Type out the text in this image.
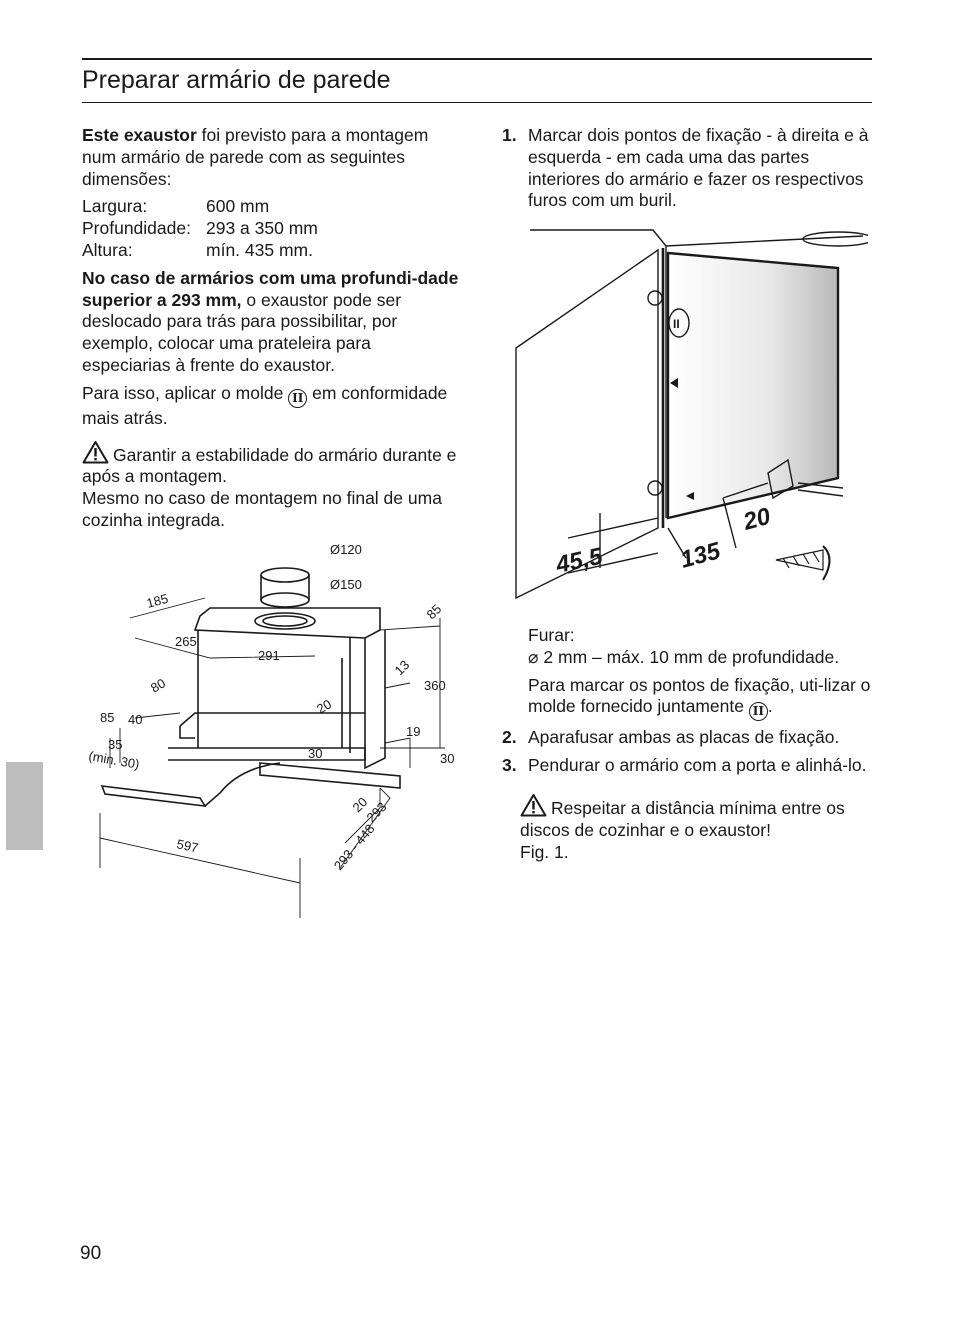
Preparar armário de parede

Este exaustor foi previsto para a montagem num armário de parede com as seguintes dimensões:

Largura:	600 mm
Profundidade: 293 a 350 mm
Altura:	mín. 435 mm.

No caso de armários com uma profundi-dade superior a 293 mm, o exaustor pode ser deslocado para trás para possibilitar, por exemplo, colocar uma prateleira para especiarias à frente do exaustor.

Para isso, aplicar o molde II em conformidade mais atrás.

Garantir a estabilidade do armário durante e após a montagem.
Mesmo no caso de montagem no final de uma cozinha integrada.

1. Marcar dois pontos de fixação - à direita e à esquerda - em cada uma das partes interiores do armário e fazer os respectivos furos com um buril.

Furar:

⌀ 2 mm – máx. 10 mm de profundidade.

Para marcar os pontos de fixação, uti-lizar o molde fornecido juntamente II .

2. Aparafusar ambas as placas de fixação.
3. Pendurar o armário com a porta e alinhá-lo.

Respeitar a distância mínima entre os discos de cozinhar e o exaustor!
Fig. 1.

Ø120
Ø150
185
85
265
291
13
360
80
85 40
20
19
35
(min. 30)	30	30
20
293
597	293 - 448
45,5	135
20
II
90
